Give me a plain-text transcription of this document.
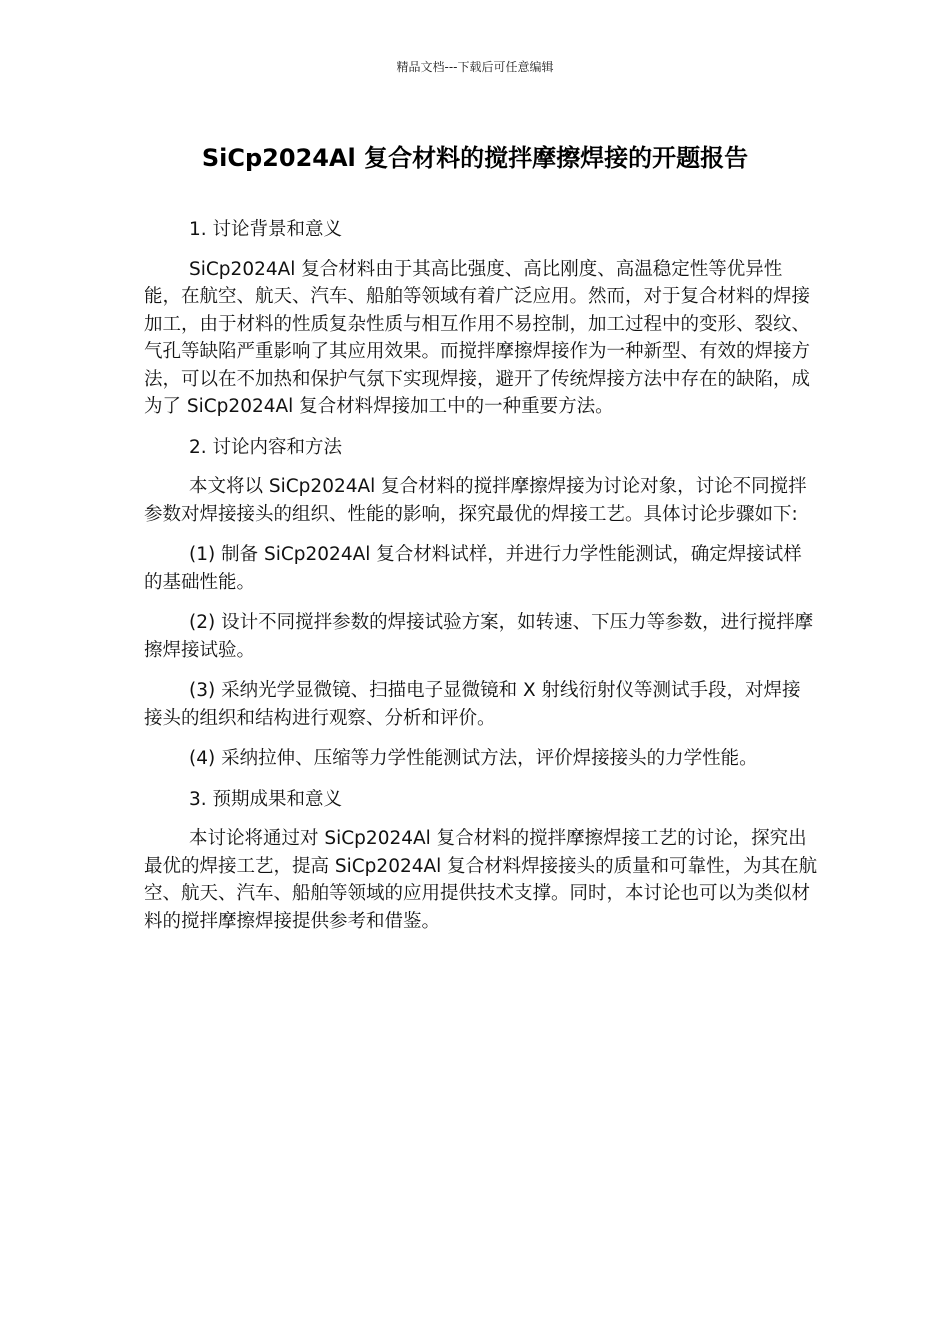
精品文档---下载后可任意编辑
SiCp2024Al 复合材料的搅拌摩擦焊接的开题报告

1. 讨论背景和意义

SiCp2024Al 复合材料由于其高比强度、高比刚度、高温稳定性等优异性能，在航空、航天、汽车、船舶等领域有着广泛应用。然而，对于复合材料的焊接加工，由于材料的性质复杂性质与相互作用不易控制，加工过程中的变形、裂纹、气孔等缺陷严重影响了其应用效果。而搅拌摩擦焊接作为一种新型、有效的焊接方法，可以在不加热和保护气氛下实现焊接，避开了传统焊接方法中存在的缺陷，成为了 SiCp2024Al 复合材料焊接加工中的一种重要方法。

2. 讨论内容和方法

本文将以 SiCp2024Al 复合材料的搅拌摩擦焊接为讨论对象，讨论不同搅拌参数对焊接接头的组织、性能的影响，探究最优的焊接工艺。具体讨论步骤如下:

(1) 制备 SiCp2024Al 复合材料试样，并进行力学性能测试，确定焊接试样的基础性能。

(2) 设计不同搅拌参数的焊接试验方案，如转速、下压力等参数，进行搅拌摩擦焊接试验。

(3) 采纳光学显微镜、扫描电子显微镜和 X 射线衍射仪等测试手段，对焊接接头的组织和结构进行观察、分析和评价。

(4) 采纳拉伸、压缩等力学性能测试方法，评价焊接接头的力学性能。

3. 预期成果和意义

本讨论将通过对 SiCp2024Al 复合材料的搅拌摩擦焊接工艺的讨论，探究出最优的焊接工艺，提高 SiCp2024Al 复合材料焊接接头的质量和可靠性，为其在航空、航天、汽车、船舶等领域的应用提供技术支撑。同时，本讨论也可以为类似材料的搅拌摩擦焊接提供参考和借鉴。
